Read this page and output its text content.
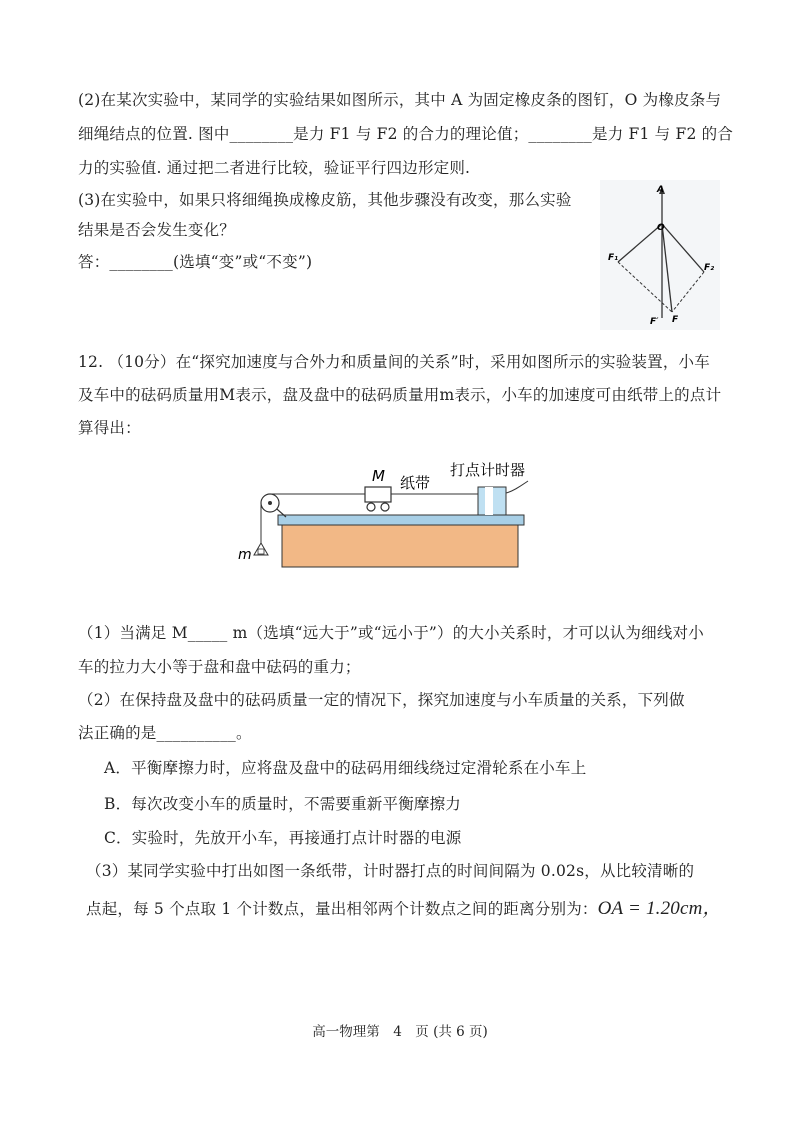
(2)在某次实验中，某同学的实验结果如图所示，其中 A 为固定橡皮条的图钉，O 为橡皮条与
细绳结点的位置. 图中________是力 F1 与 F2 的合力的理论值；________是力 F1 与 F2 的合
力的实验值. 通过把二者进行比较，验证平行四边形定则.
(3)在实验中，如果只将细绳换成橡皮筋，其他步骤没有改变，那么实验
结果是否会发生变化？
答：________(选填“变”或“不变”)
A
O
F₁
F₂
F′ F
12. （10分）在“探究加速度与合外力和质量间的关系”时，采用如图所示的实验装置，小车
及车中的砝码质量用M表示，盘及盘中的砝码质量用m表示，小车的加速度可由纸带上的点计
算得出：
M 纸带
打点计时器
m
（1）当满足 M_____ m（选填“远大于”或“远小于”）的大小关系时，才可以认为细线对小
车的拉力大小等于盘和盘中砝码的重力；
（2）在保持盘及盘中的砝码质量一定的情况下，探究加速度与小车质量的关系，下列做
法正确的是__________。
A．平衡摩擦力时，应将盘及盘中的砝码用细线绕过定滑轮系在小车上
B．每次改变小车的质量时，不需要重新平衡摩擦力
C．实验时，先放开小车，再接通打点计时器的电源
（3）某同学实验中打出如图一条纸带，计时器打点的时间间隔为 0.02s，从比较清晰的
点起，每 5 个点取 1 个计数点，量出相邻两个计数点之间的距离分别为：OA = 1.20cm，
高一物理第　4　页 (共 6 页)
